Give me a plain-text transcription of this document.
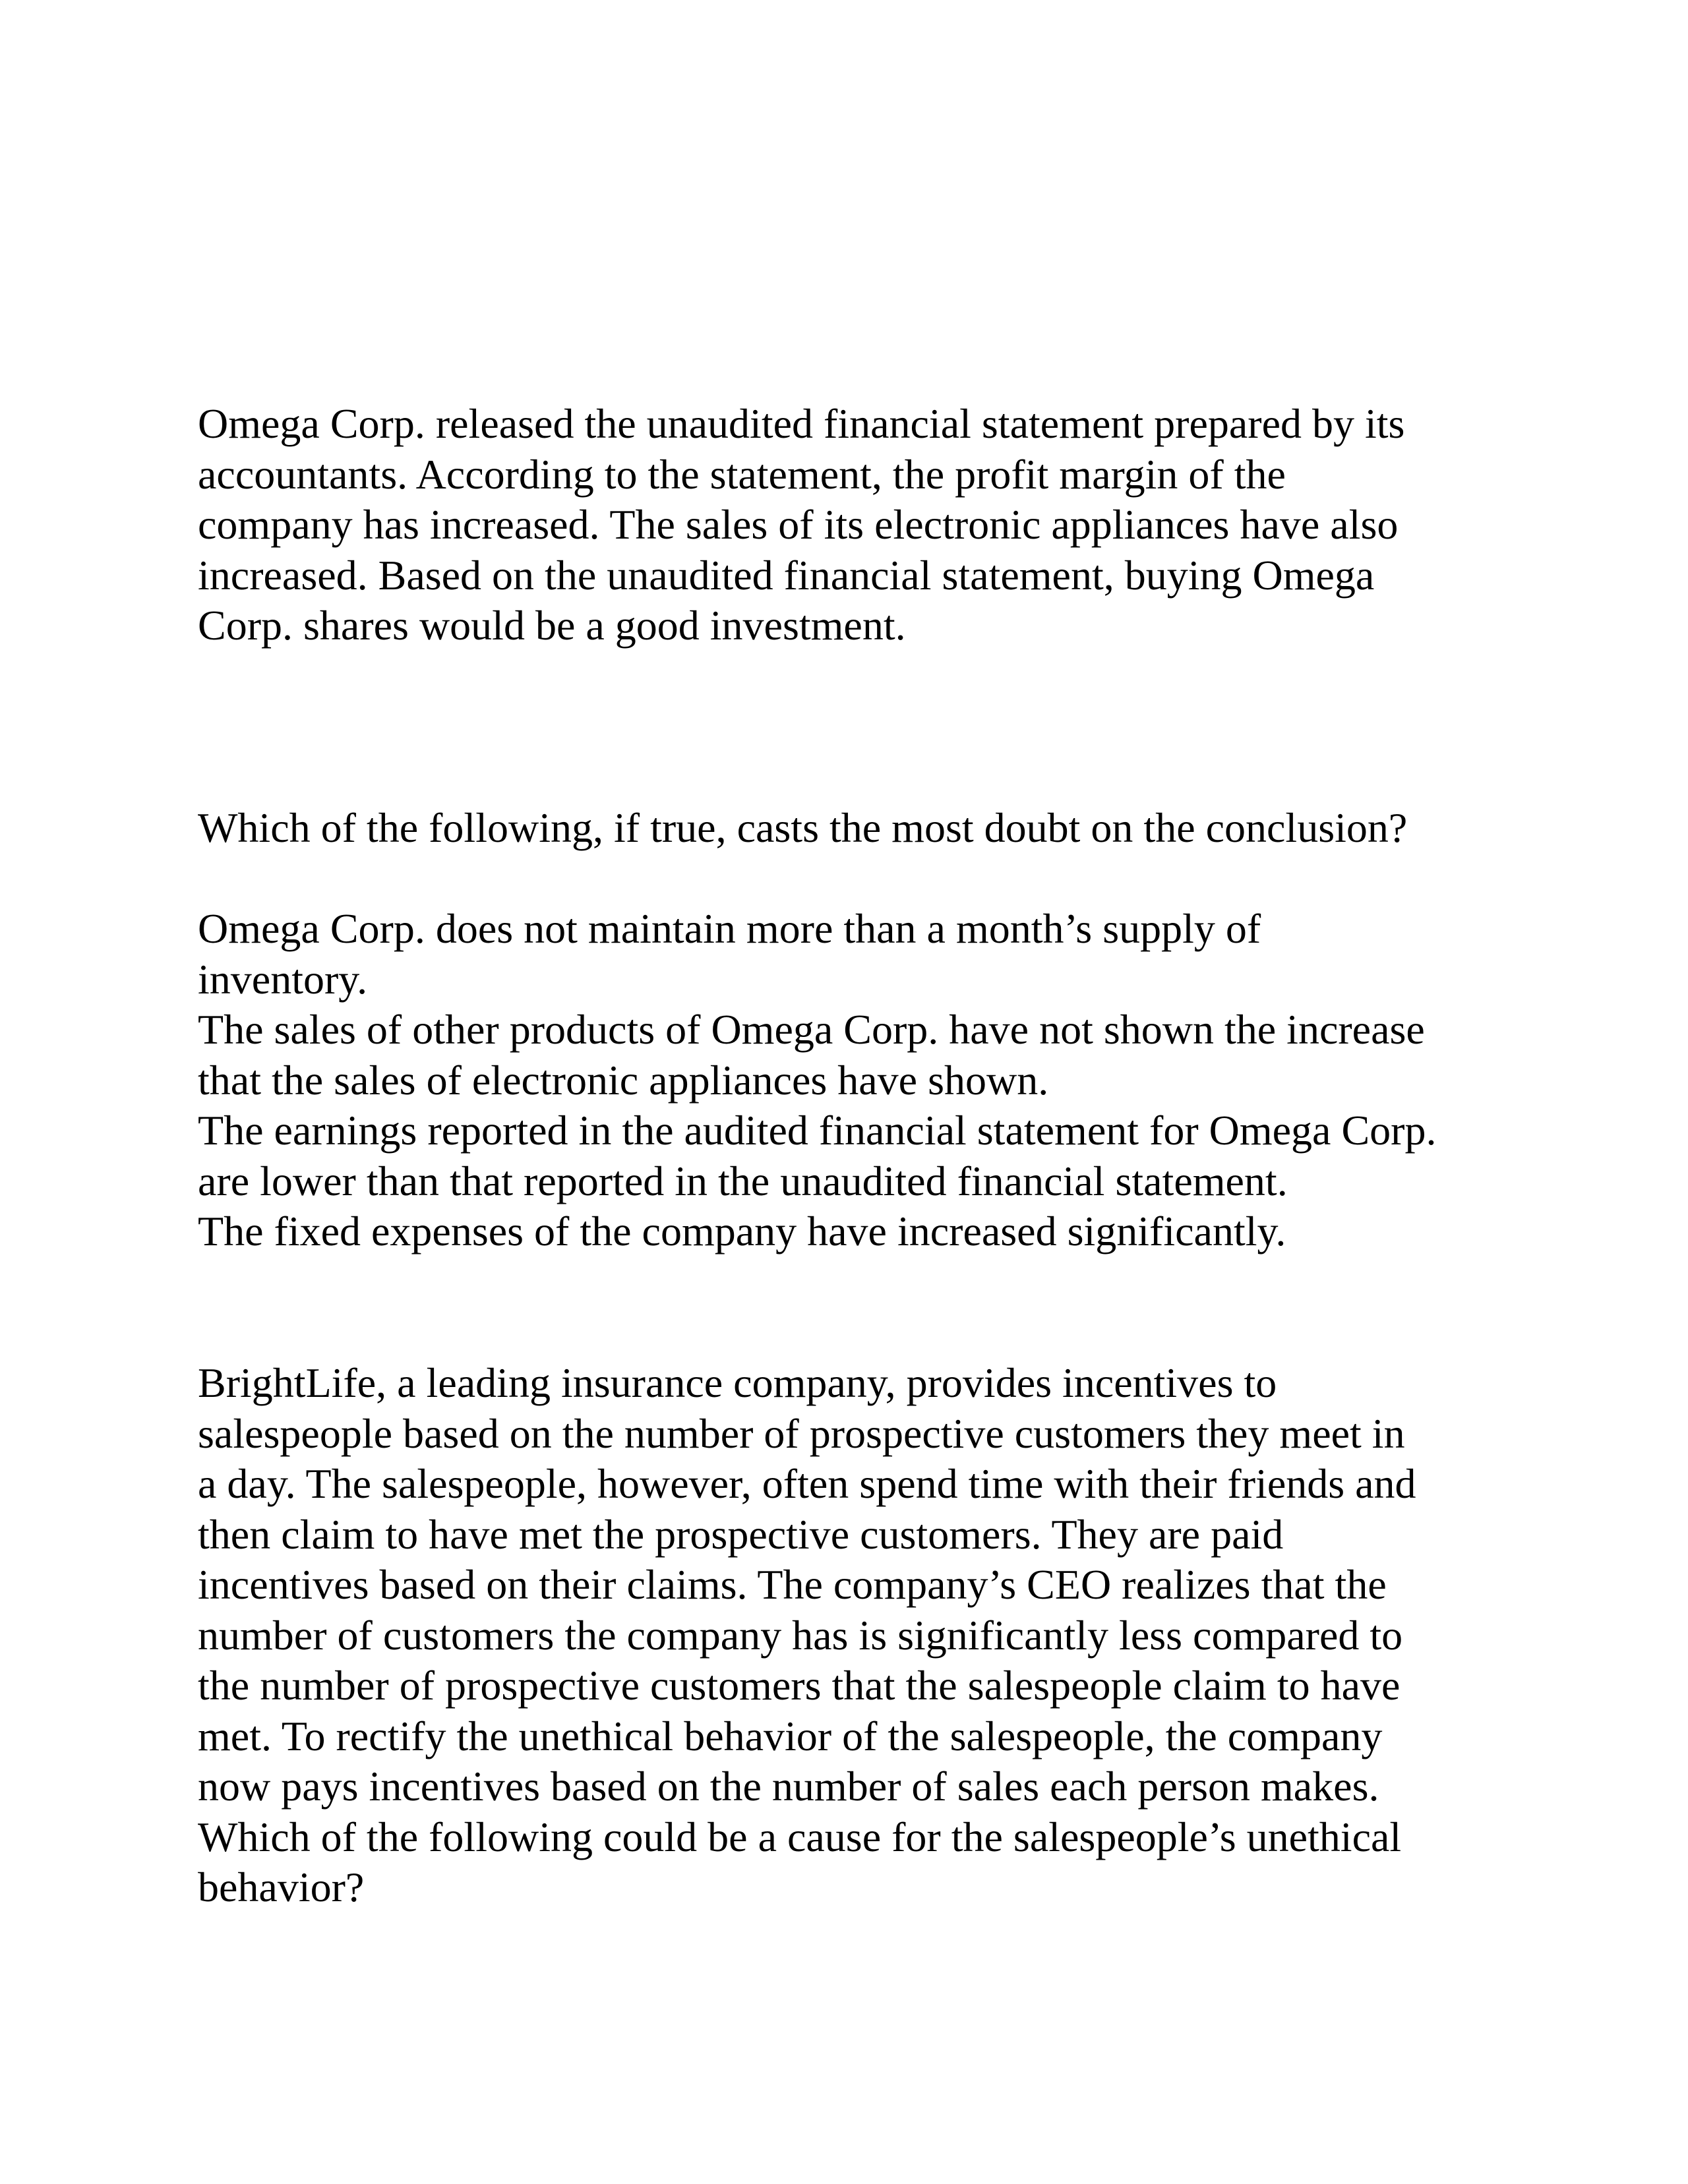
Omega Corp. released the unaudited financial statement prepared by its
accountants. According to the statement, the profit margin of the
company has increased. The sales of its electronic appliances have also
increased. Based on the unaudited financial statement, buying Omega
Corp. shares would be a good investment.
Which of the following, if true, casts the most doubt on the conclusion?
Omega Corp. does not maintain more than a month’s supply of
inventory.
The sales of other products of Omega Corp. have not shown the increase
that the sales of electronic appliances have shown.
The earnings reported in the audited financial statement for Omega Corp.
are lower than that reported in the unaudited financial statement.
The fixed expenses of the company have increased significantly.
BrightLife, a leading insurance company, provides incentives to
salespeople based on the number of prospective customers they meet in
a day. The salespeople, however, often spend time with their friends and
then claim to have met the prospective customers. They are paid
incentives based on their claims. The company’s CEO realizes that the
number of customers the company has is significantly less compared to
the number of prospective customers that the salespeople claim to have
met. To rectify the unethical behavior of the salespeople, the company
now pays incentives based on the number of sales each person makes.
Which of the following could be a cause for the salespeople’s unethical
behavior?
